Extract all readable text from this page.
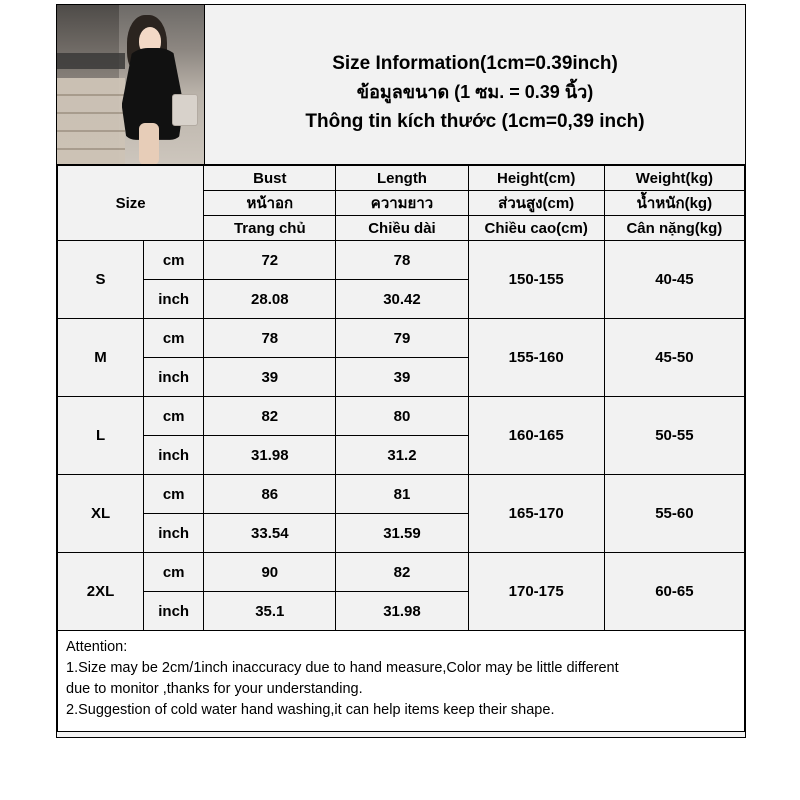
Size Information(1cm=0.39inch)
ข้อมูลขนาด (1 ซม. = 0.39 นิ้ว)
Thông tin kích thước (1cm=0,39 inch)
Size		Bust	Length	Height(cm)	Weight(kg)
		หน้าอก	ความยาว	ส่วนสูง(cm)	น้ำหนัก(kg)
		Trang chủ	Chiều dài	Chiều cao(cm)	Cân nặng(kg)
S	cm	72	78	150-155	40-45
	inch	28.08	30.42		
M	cm	78	79	155-160	45-50
	inch	39	39		
L	cm	82	80	160-165	50-55
	inch	31.98	31.2		
XL	cm	86	81	165-170	55-60
	inch	33.54	31.59		
2XL	cm	90	82	170-175	60-65
	inch	35.1	31.98		
Attention:
1.Size may be 2cm/1inch inaccuracy due to hand measure,Color may be little different
due to monitor ,thanks for your understanding.
2.Suggestion of cold water hand washing,it can help items keep their shape.
